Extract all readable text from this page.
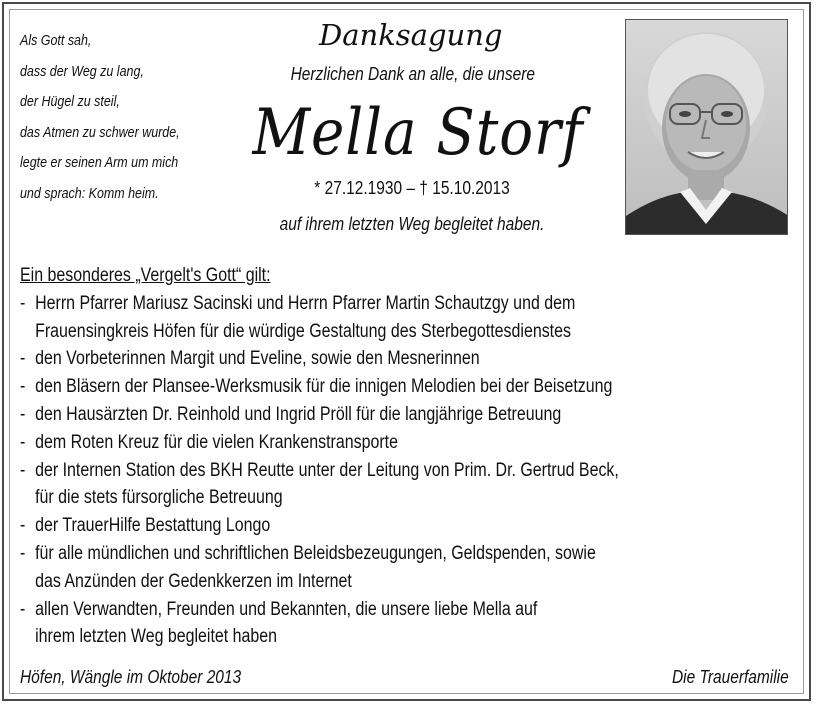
Als Gott sah,
dass der Weg zu lang,
der Hügel zu steil,
das Atmen zu schwer wurde,
legte er seinen Arm um mich
und sprach: Komm heim.
Danksagung
Herzlichen Dank an alle, die unsere
Mella Storf
* 27.12.1930 – † 15.10.2013
auf ihrem letzten Weg begleitet haben.
Ein besonderes „Vergelt's Gott“ gilt:
- Herrn Pfarrer Mariusz Sacinski und Herrn Pfarrer Martin Schautzgy und dem
Frauensingkreis Höfen für die würdige Gestaltung des Sterbegottesdienstes
- den Vorbeterinnen Margit und Eveline, sowie den Mesnerinnen
- den Bläsern der Plansee-Werksmusik für die innigen Melodien bei der Beisetzung
- den Hausärzten Dr. Reinhold und Ingrid Pröll für die langjährige Betreuung
- dem Roten Kreuz für die vielen Krankenstransporte
- der Internen Station des BKH Reutte unter der Leitung von Prim. Dr. Gertrud Beck,
für die stets fürsorgliche Betreuung
- der TrauerHilfe Bestattung Longo
- für alle mündlichen und schriftlichen Beleidsbezeugungen, Geldspenden, sowie
das Anzünden der Gedenkkerzen im Internet
- allen Verwandten, Freunden und Bekannten, die unsere liebe Mella auf
ihrem letzten Weg begleitet haben
Höfen, Wängle im Oktober 2013	Die Trauerfamilie
